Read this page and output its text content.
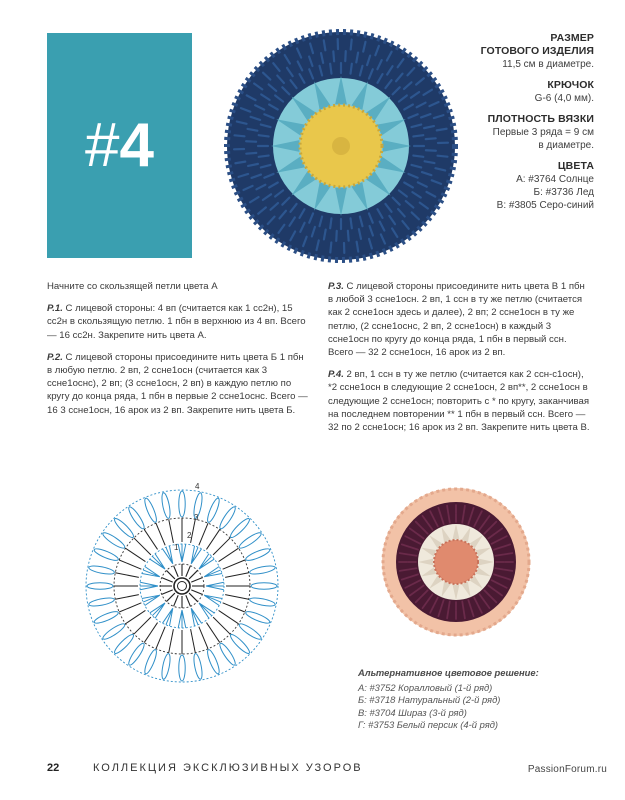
#4
РАЗМЕР
ГОТОВОГО ИЗДЕЛИЯ
11,5 см в диаметре.
КРЮЧОК
G-6 (4,0 мм).
ПЛОТНОСТЬ ВЯЗКИ
Первые 3 ряда = 9 см
в диаметре.
ЦВЕТА
А: #3764 Солнце
Б: #3736 Лед
В: #3805 Серо-синий
Начните со скользящей петли цвета А
Р.1. С лицевой стороны: 4 вп (считается как 1 сс2н), 15 сс2н в скользящую петлю. 1 пбн в верхнюю из 4 вп. Всего — 16 сс2н. Закрепите нить цвета А.
Р.2. С лицевой стороны присоедините нить цвета Б 1 пбн в любую петлю. 2 вп, 2 ссне1осн (считается как 3 ссне1оснс), 2 вп; (3 ссне1осн, 2 вп) в каждую петлю по кругу до конца ряда, 1 пбн в первые 2 ссне1оснс. Всего — 16 3 ссне1осн, 16 арок из 2 вп. Закрепите нить цвета Б.
Р.3. С лицевой стороны присоедините нить цвета В 1 пбн в любой 3 ссне1осн. 2 вп, 1 ссн в ту же петлю (считается как 2 ссне1осн здесь и далее), 2 вп; 2 ссне1осн в ту же петлю, (2 ссне1оснс, 2 вп, 2 ссне1осн) в каждый 3 ссне1осн по кругу до конца ряда, 1 пбн в первый ссн. Всего — 32 2 ссне1осн, 16 арок из 2 вп.
Р.4. 2 вп, 1 ссн в ту же петлю (считается как 2 ссн-с1осн), *2 ссне1осн в следующие 2 ссне1осн, 2 вп**, 2 ссне1осн в следующие 2 ссне1осн; повторить с * по кругу, заканчивая на последнем повторении ** 1 пбн в первый ссн. Всего — 32 по 2 ссне1осн; 16 арок из 2 вп. Закрепите нить цвета В.
1
2
3
4
Альтернативное цветовое решение:
А: #3752 Коралловый (1-й ряд)
Б: #3718 Натуральный (2-й ряд)
В: #3704 Шираз (3-й ряд)
Г: #3753 Белый персик (4-й ряд)
22	КОЛЛЕКЦИЯ ЭКСКЛЮЗИВНЫХ УЗОРОВ	PassionForum.ru
